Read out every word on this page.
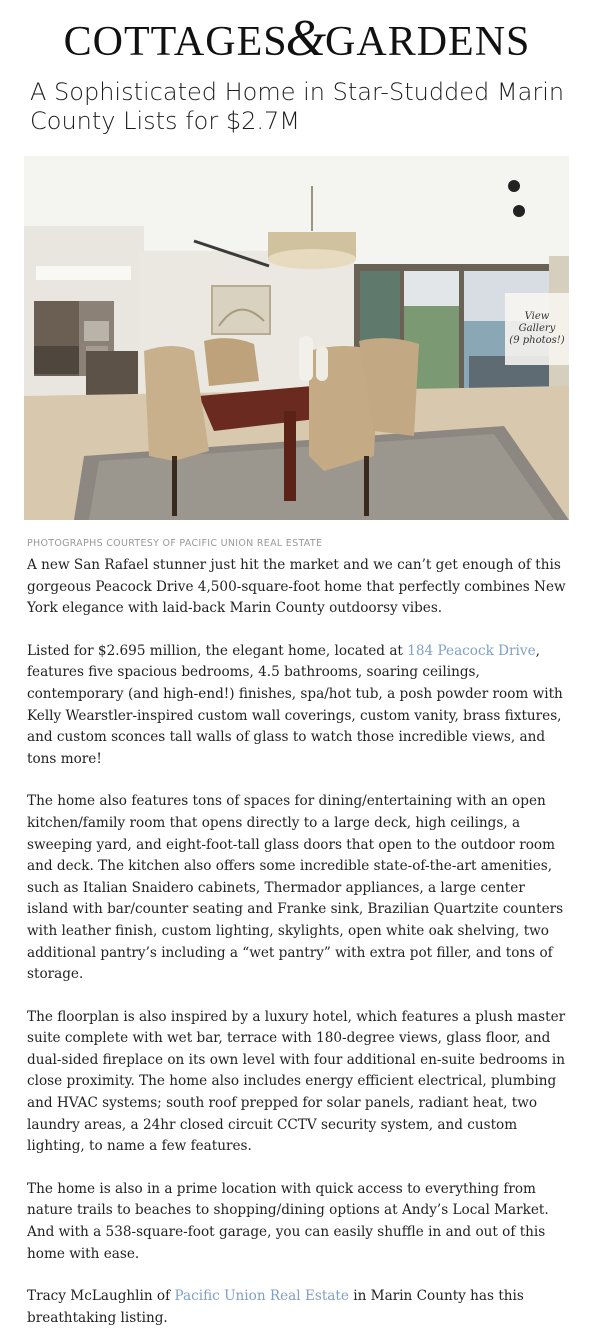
COTTAGES&GARDENS
A Sophisticated Home in Star-Studded Marin County Lists for $2.7M
View Gallery
(9 photos!)
PHOTOGRAPHS COURTESY OF PACIFIC UNION REAL ESTATE

A new San Rafael stunner just hit the market and we can’t get enough of this gorgeous Peacock Drive 4,500-square-foot home that perfectly combines New York elegance with laid-back Marin County outdoorsy vibes.

Listed for $2.695 million, the elegant home, located at 184 Peacock Drive, features five spacious bedrooms, 4.5 bathrooms, soaring ceilings, contemporary (and high-end!) finishes, spa/hot tub, a posh powder room with Kelly Wearstler-inspired custom wall coverings, custom vanity, brass fixtures, and custom sconces tall walls of glass to watch those incredible views, and tons more!

The home also features tons of spaces for dining/entertaining with an open kitchen/family room that opens directly to a large deck, high ceilings, a sweeping yard, and eight-foot-tall glass doors that open to the outdoor room and deck. The kitchen also offers some incredible state-of-the-art amenities, such as Italian Snaidero cabinets, Thermador appliances, a large center island with bar/counter seating and Franke sink, Brazilian Quartzite counters with leather finish, custom lighting, skylights, open white oak shelving, two additional pantry’s including a “wet pantry” with extra pot filler, and tons of storage.

The floorplan is also inspired by a luxury hotel, which features a plush master suite complete with wet bar, terrace with 180-degree views, glass floor, and dual-sided fireplace on its own level with four additional en-suite bedrooms in close proximity. The home also includes energy efficient electrical, plumbing and HVAC systems; south roof prepped for solar panels, radiant heat, two laundry areas, a 24hr closed circuit CCTV security system, and custom lighting, to name a few features.

The home is also in a prime location with quick access to everything from nature trails to beaches to shopping/dining options at Andy’s Local Market. And with a 538-square-foot garage, you can easily shuffle in and out of this home with ease.

Tracy McLaughlin of Pacific Union Real Estate in Marin County has this breathtaking listing.
